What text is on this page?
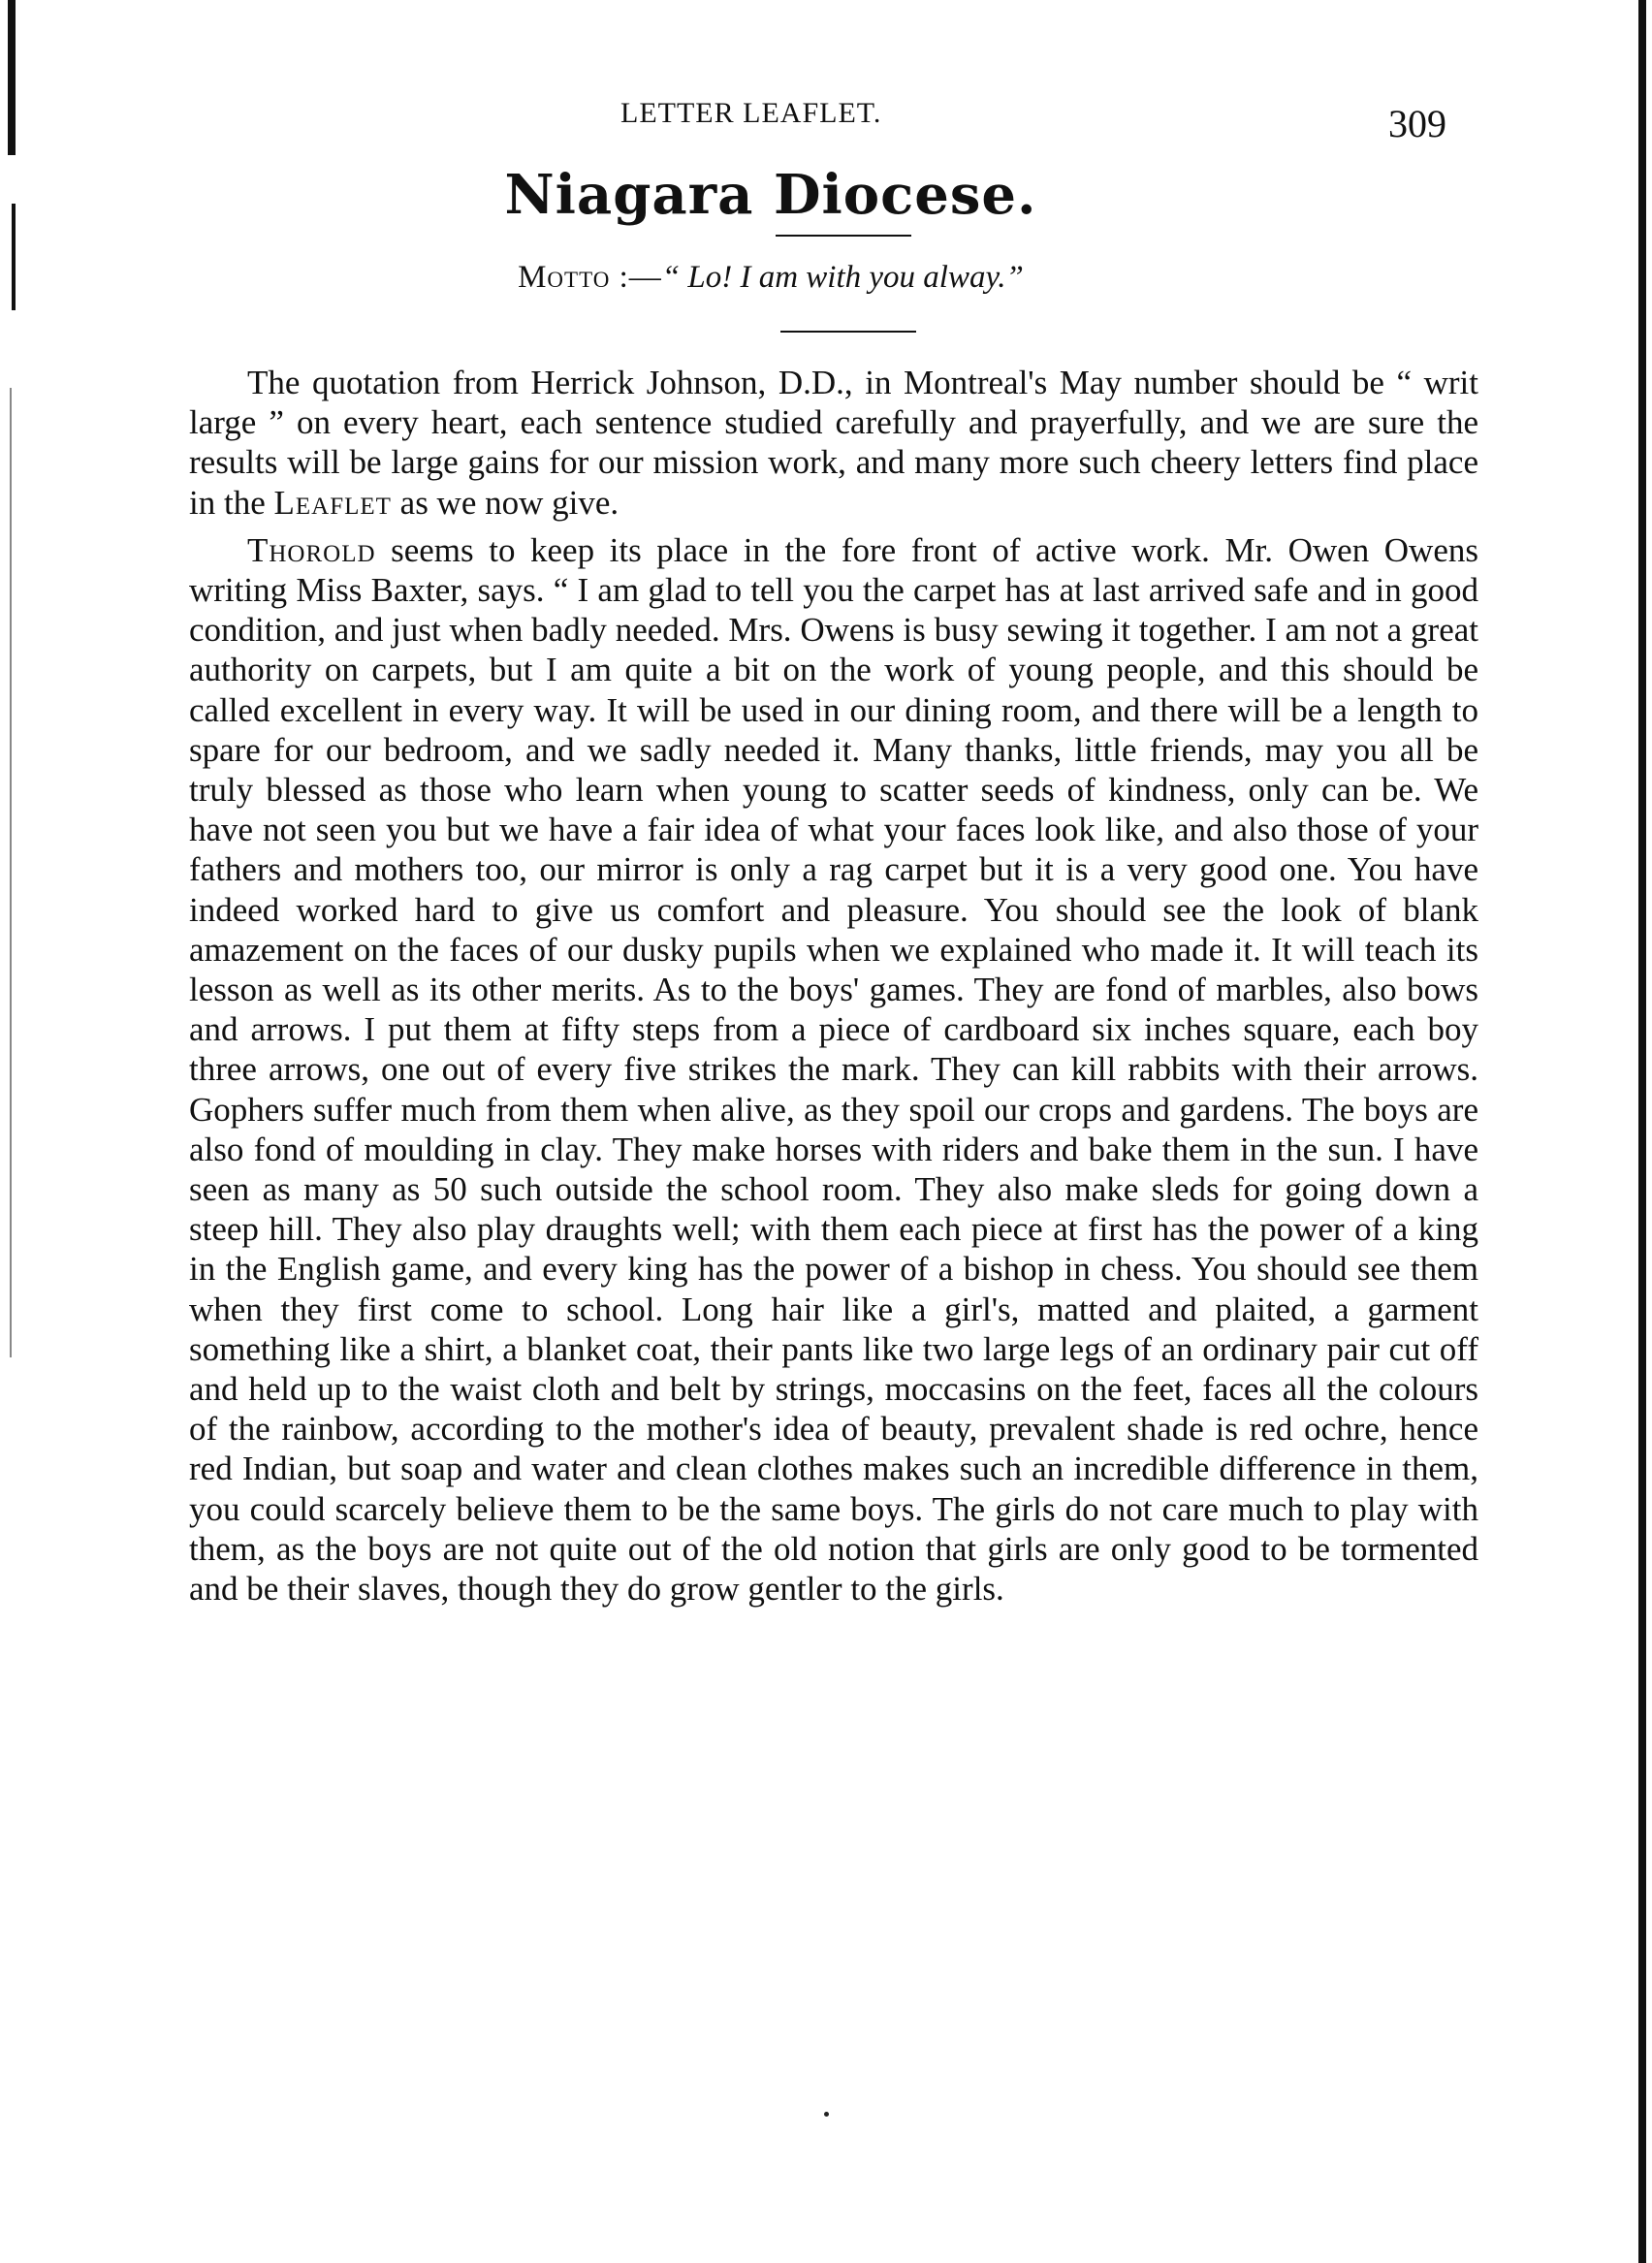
LETTER LEAFLET.	309
Niagara Diocese.
Motto :—“ Lo! I am with you alway.”

The quotation from Herrick Johnson, D.D., in Montreal's May number should be “ writ large ” on every heart, each sentence studied carefully and prayerfully, and we are sure the results will be large gains for our mission work, and many more such cheery letters find place in the Leaflet as we now give.

Thorold seems to keep its place in the fore front of active work. Mr. Owen Owens writing Miss Baxter, says. “ I am glad to tell you the carpet has at last arrived safe and in good condition, and just when badly needed. Mrs. Owens is busy sewing it together. I am not a great authority on carpets, but I am quite a bit on the work of young people, and this should be called excellent in every way. It will be used in our dining room, and there will be a length to spare for our bedroom, and we sadly needed it. Many thanks, little friends, may you all be truly blessed as those who learn when young to scatter seeds of kindness, only can be. We have not seen you but we have a fair idea of what your faces look like, and also those of your fathers and mothers too, our mirror is only a rag carpet but it is a very good one. You have indeed worked hard to give us comfort and pleasure. You should see the look of blank amazement on the faces of our dusky pupils when we explained who made it. It will teach its lesson as well as its other merits. As to the boys' games. They are fond of marbles, also bows and arrows. I put them at fifty steps from a piece of cardboard six inches square, each boy three arrows, one out of every five strikes the mark. They can kill rabbits with their arrows. Gophers suffer much from them when alive, as they spoil our crops and gardens. The boys are also fond of moulding in clay. They make horses with riders and bake them in the sun. I have seen as many as 50 such outside the school room. They also make sleds for going down a steep hill. They also play draughts well; with them each piece at first has the power of a king in the English game, and every king has the power of a bishop in chess. You should see them when they first come to school. Long hair like a girl's, matted and plaited, a garment something like a shirt, a blanket coat, their pants like two large legs of an ordinary pair cut off and held up to the waist cloth and belt by strings, moccasins on the feet, faces all the colours of the rainbow, according to the mother's idea of beauty, prevalent shade is red ochre, hence red Indian, but soap and water and clean clothes makes such an incredible difference in them, you could scarcely believe them to be the same boys. The girls do not care much to play with them, as the boys are not quite out of the old notion that girls are only good to be tormented and be their slaves, though they do grow gentler to the girls.
